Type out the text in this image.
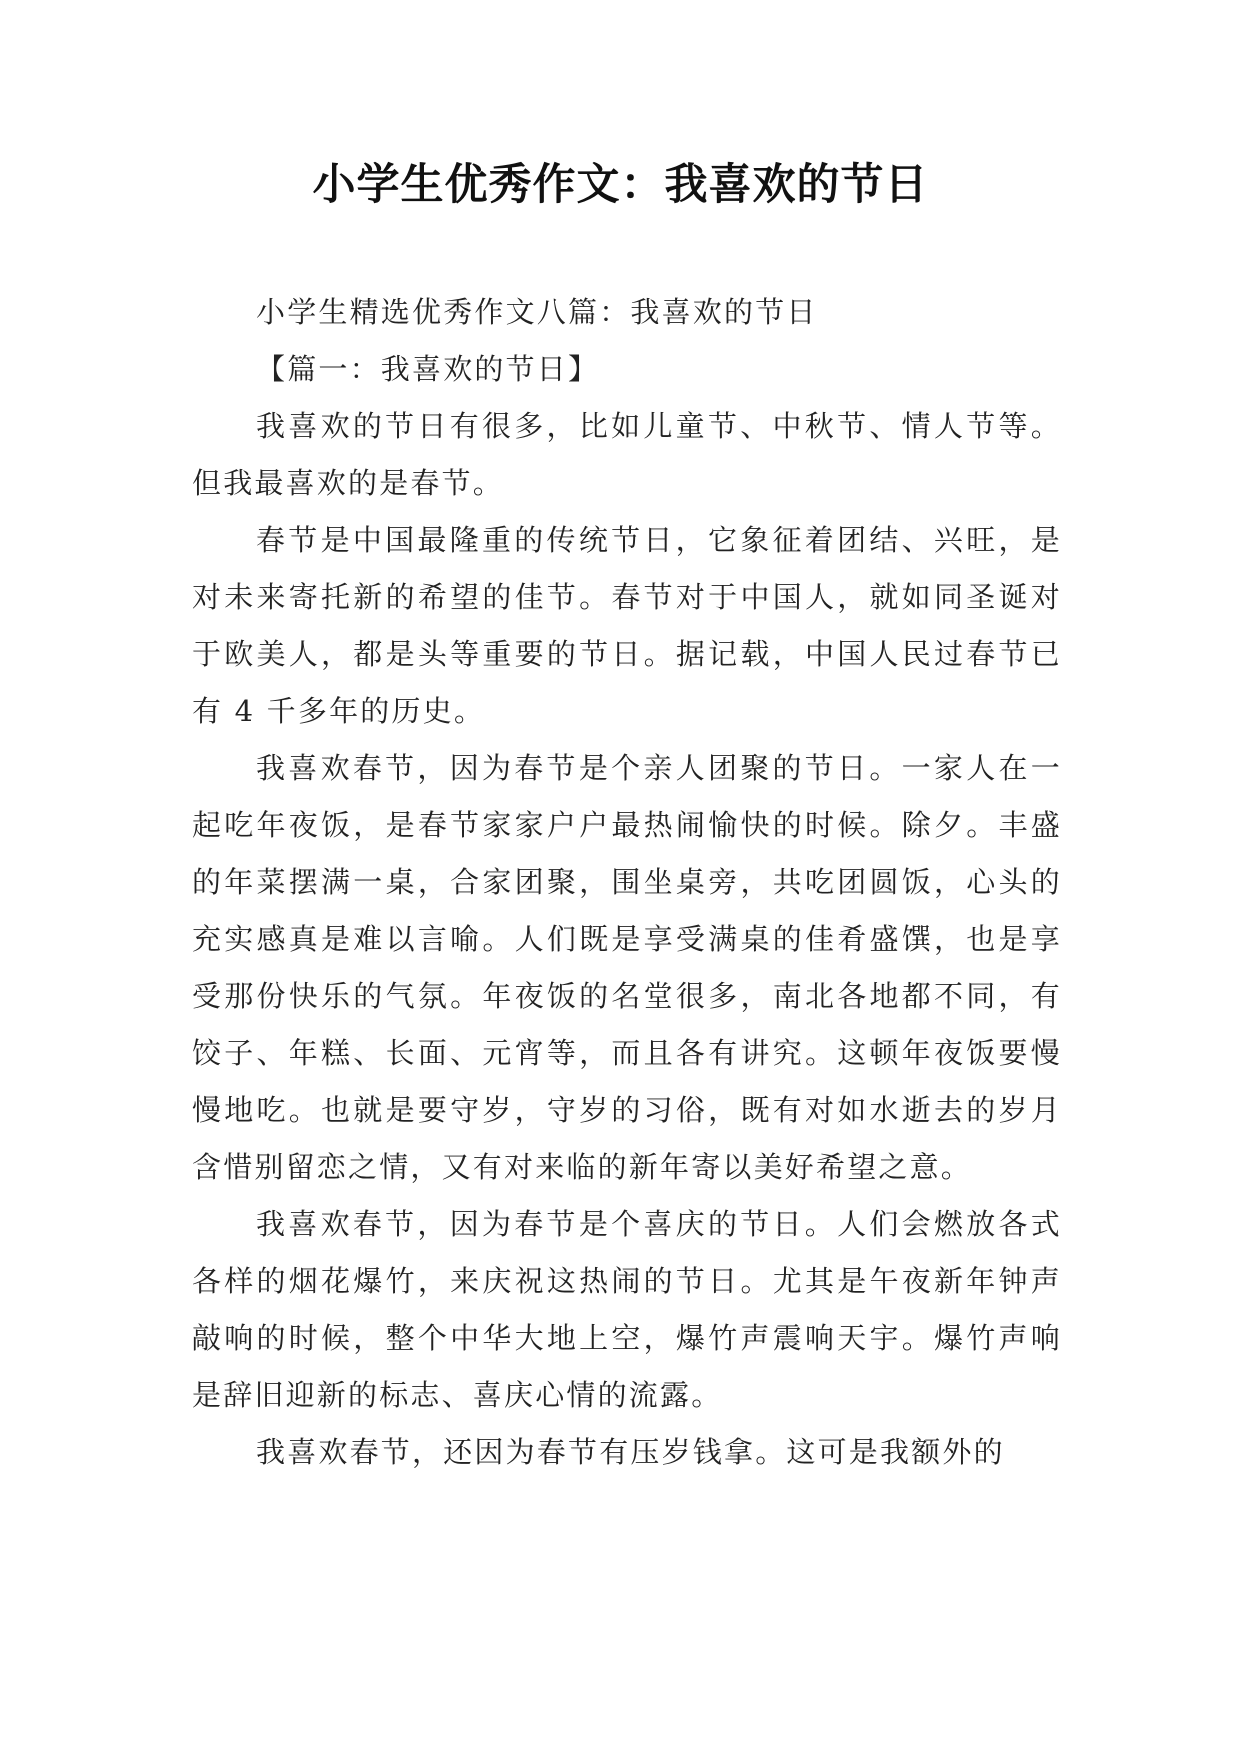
小学生优秀作文：我喜欢的节日

小学生精选优秀作文八篇：我喜欢的节日

【篇一：我喜欢的节日】

我喜欢的节日有很多，比如儿童节、中秋节、情人节等。但我最喜欢的是春节。

春节是中国最隆重的传统节日，它象征着团结、兴旺，是对未来寄托新的希望的佳节。春节对于中国人，就如同圣诞对于欧美人，都是头等重要的节日。据记载，中国人民过春节已有 4 千多年的历史。

我喜欢春节，因为春节是个亲人团聚的节日。一家人在一起吃年夜饭，是春节家家户户最热闹愉快的时候。除夕。丰盛的年菜摆满一桌，合家团聚，围坐桌旁，共吃团圆饭，心头的充实感真是难以言喻。人们既是享受满桌的佳肴盛馔，也是享受那份快乐的气氛。年夜饭的名堂很多，南北各地都不同，有饺子、年糕、长面、元宵等，而且各有讲究。这顿年夜饭要慢慢地吃。也就是要守岁，守岁的习俗，既有对如水逝去的岁月含惜别留恋之情，又有对来临的新年寄以美好希望之意。

我喜欢春节，因为春节是个喜庆的节日。人们会燃放各式各样的烟花爆竹，来庆祝这热闹的节日。尤其是午夜新年钟声敲响的时候，整个中华大地上空，爆竹声震响天宇。爆竹声响是辞旧迎新的标志、喜庆心情的流露。

我喜欢春节，还因为春节有压岁钱拿。这可是我额外的
